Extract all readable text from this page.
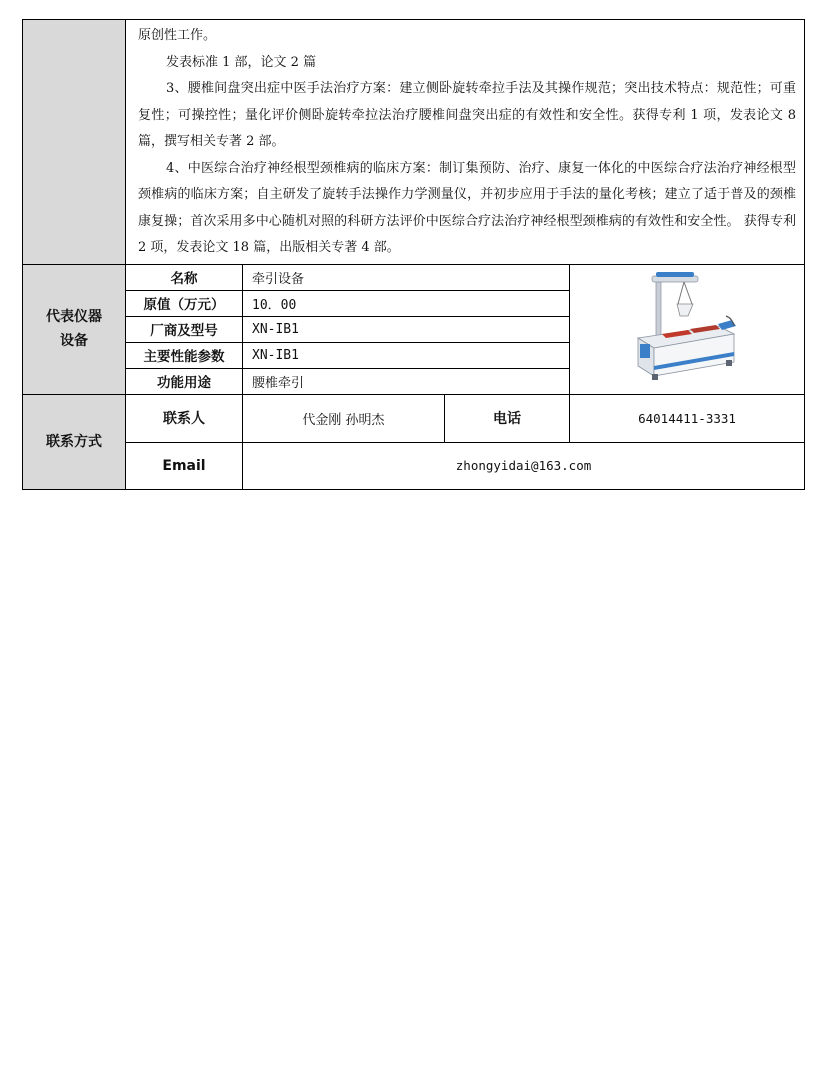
	原创性工作。

发表标准 1 部，论文 2 篇

3、腰椎间盘突出症中医手法治疗方案：建立侧卧旋转牵拉手法及其操作规范；突出技术特点：规范性；可重复性；可操控性；量化评价侧卧旋转牵拉法治疗腰椎间盘突出症的有效性和安全性。获得专利 1 项，发表论文 8 篇，撰写相关专著 2 部。

4、中医综合治疗神经根型颈椎病的临床方案：制订集预防、治疗、康复一体化的中医综合疗法治疗神经根型颈椎病的临床方案；自主研发了旋转手法操作力学测量仪，并初步应用于手法的量化考核；建立了适于普及的颈椎康复操；首次采用多中心随机对照的科研方法评价中医综合疗法治疗神经根型颈椎病的有效性和安全性。 获得专利 2 项，发表论文 18 篇，出版相关专著 4 部。			

代表仪器
设备	名称	牵引设备	
	原值（万元）	10．00		
	厂商及型号	XN-IB1		
	主要性能参数	XN-IB1		
	功能用途	腰椎牵引		
联系方式	联系人	代金刚 孙明杰	电话	64014411-3331
	Email	zhongyidai@163.com		
